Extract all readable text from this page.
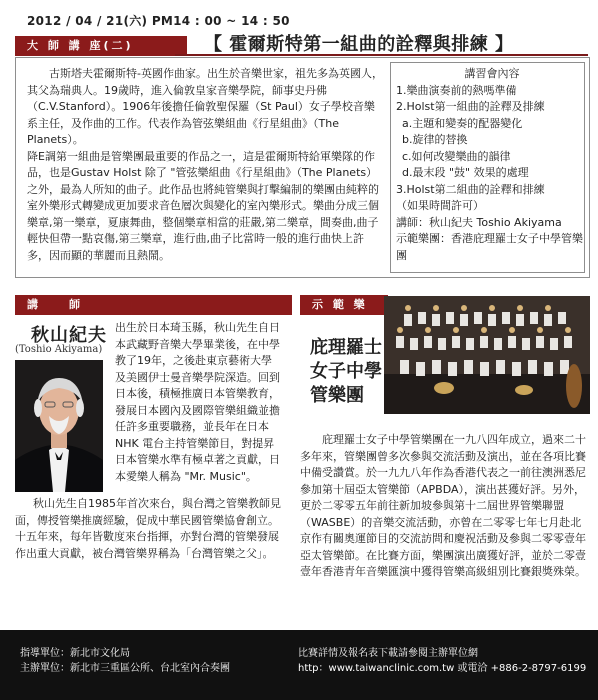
2012 / 04 / 21(六) PM14 : 00 ~ 14 : 50
大 師 講 座(二)	【 霍爾斯特第一組曲的詮釋與排練 】

古斯塔夫霍爾斯特-英國作曲家。出生於音樂世家，祖先多為英國人，其父為瑞典人。19歲時，進入倫敦皇家音樂學院，師事史丹佛（C.V.Stanford）。1906年後擔任倫敦聖保羅（St Paul）女子學校音樂系主任，及作曲的工作。代表作為管弦樂組曲《行星組曲》（The Planets）。

降E調第一組曲是管樂團最重要的作品之一，這是霍爾斯特給軍樂隊的作品，也是Gustav Holst 除了 "管弦樂組曲《行星組曲》（The Planets）之外，最為人所知的曲子。此作品也將純管樂與打擊編制的樂團由純粹的室外樂形式轉變成更加要求音色層次與變化的室內樂形式。樂曲分成三個樂章,第一樂章，夏康舞曲，整個樂章相當的莊嚴,第二樂章，間奏曲,曲子輕快但帶一點哀傷,第三樂章，進行曲,曲子比當時一般的進行曲快上許多，因而顯的華麗而且熱鬧。

講習會內容
1.樂曲演奏前的熱嗎準備
2.Holst第一組曲的詮釋及排練
a.主題和變奏的配器變化
b.旋律的替換
c.如何改變樂曲的韻律
d.最末段 "鼓" 效果的處理
3.Holst第二組曲的詮釋和排練
（如果時間許可）
講師：秋山紀夫 Toshio Akiyama
示範樂團：香港庇理羅士女子中學管樂團
講　　師
秋山紀夫
(Toshio Akiyama)
出生於日本琦玉縣，秋山先生自日本武藏野音樂大學畢業後，在中學教了19年，之後赴東京藝術大學及美國伊士曼音樂學院深造。回到日本後，積極推廣日本管樂教育，發展日本國內及國際管樂組織並擔任許多重要職務，並長年在日本NHK 電台主持管樂節目，對提昇日本管樂水準有極卓著之貢獻，日本愛樂人稱為 "Mr. Music"。
秋山先生自1985年首次來台，與台灣之管樂教師見面，傳授管樂推廣經驗，促成中華民國管樂協會創立。十五年來，每年皆數度來台指揮，亦對台灣的管樂發展作出重大貢獻，被台灣管樂界稱為「台灣管樂之父」。
示 範 樂 團
庇理羅士
女子中學
管樂團
庇理羅士女子中學管樂團在一九八四年成立，過來二十多年來，管樂團曾多次參與交流活動及演出，並在各項比賽中備受讚賞。於一九九八年作為香港代表之一前往澳洲悉尼參加第十屆亞太管樂節（APBDA），演出甚獲好評。另外，更於二零零五年前往新加坡參與第十二屆世界管樂聯盟 （WASBE）的音樂交流活動，亦曾在二零零七年七月赴北京作有關奧運節目的交流訪問和慶祝活動及參與二零零壹年亞太管樂節。在比賽方面，樂團演出廣獲好評，並於二零壹壹年香港青年音樂匯演中獲得管樂高級組別比賽銀獎殊榮。
指導單位：新北市文化局
主辦單位：新北市三重區公所、台北室內合奏團
比賽詳情及報名表下載請參閱主辦單位網
http：www.taiwanclinic.com.tw 或電洽 +886-2-8797-6199
